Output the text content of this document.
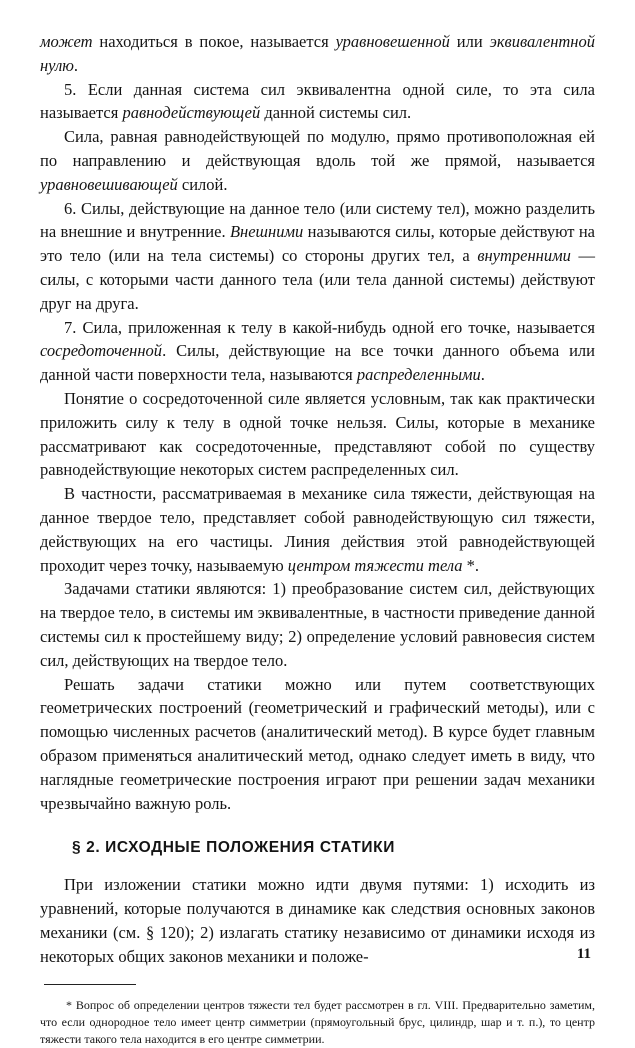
может находиться в покое, называется уравновешенной или эквивалентной нулю.

5. Если данная система сил эквивалентна одной силе, то эта сила называется равнодействующей данной системы сил.

Сила, равная равнодействующей по модулю, прямо противоположная ей по направлению и действующая вдоль той же прямой, называется уравновешивающей силой.

6. Силы, действующие на данное тело (или систему тел), можно разделить на внешние и внутренние. Внешними называются силы, которые действуют на это тело (или на тела системы) со стороны других тел, а внутренними — силы, с которыми части данного тела (или тела данной системы) действуют друг на друга.

7. Сила, приложенная к телу в какой-нибудь одной его точке, называется сосредоточенной. Силы, действующие на все точки данного объема или данной части поверхности тела, называются распределенными.

Понятие о сосредоточенной силе является условным, так как практически приложить силу к телу в одной точке нельзя. Силы, которые в механике рассматривают как сосредоточенные, представляют собой по существу равнодействующие некоторых систем распределенных сил.

В частности, рассматриваемая в механике сила тяжести, действующая на данное твердое тело, представляет собой равнодействующую сил тяжести, действующих на его частицы. Линия действия этой равнодействующей проходит через точку, называемую центром тяжести тела *.

Задачами статики являются: 1) преобразование систем сил, действующих на твердое тело, в системы им эквивалентные, в частности приведение данной системы сил к простейшему виду; 2) определение условий равновесия систем сил, действующих на твердое тело.

Решать задачи статики можно или путем соответствующих геометрических построений (геометрический и графический методы), или с помощью численных расчетов (аналитический метод). В курсе будет главным образом применяться аналитический метод, однако следует иметь в виду, что наглядные геометрические построения играют при решении задач механики чрезвычайно важную роль.

§ 2. ИСХОДНЫЕ ПОЛОЖЕНИЯ СТАТИКИ

При изложении статики можно идти двумя путями: 1) исходить из уравнений, которые получаются в динамике как следствия основных законов механики (см. § 120); 2) излагать статику независимо от динамики исходя из некоторых общих законов механики и положе-

* Вопрос об определении центров тяжести тел будет рассмотрен в гл. VIII. Предварительно заметим, что если однородное тело имеет центр симметрии (прямоугольный брус, цилиндр, шар и т. п.), то центр тяжести такого тела находится в его центре симметрии.

11
